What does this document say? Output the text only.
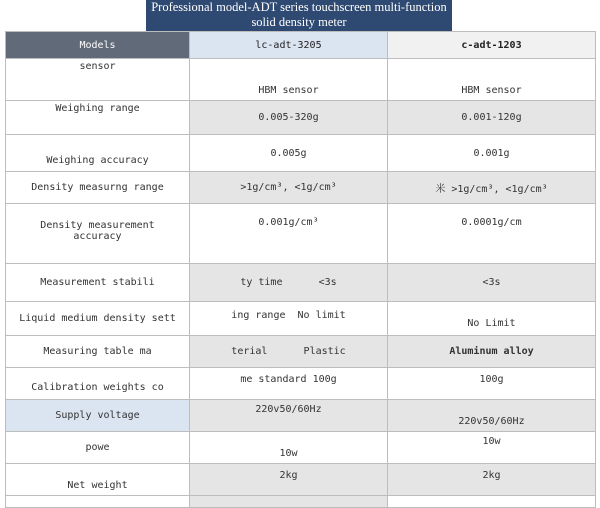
Professional model-ADT series touchscreen multi-function solid density meter
Models	lc-adt-3205	c-adt-1203
sensor	HBM sensor	HBM sensor
Weighing range	0.005-320g	0.001-120g
Weighing accuracy	0.005g	0.001g
Density measurng range	>1g/cm³, <1g/cm³	米 >1g/cm³, <1g/cm³
Density measurement accuracy	0.001g/cm³	0.0001g/cm
Measurement stabili	ty time      <3s	<3s
Liquid medium density sett	ing range  No limit	No Limit
Measuring table ma	terial      Plastic	Aluminum alloy
Calibration weights co	me standard 100g	100g
Supply voltage	220v50/60Hz	220v50/60Hz
powe	10w	10w
Net weight	2kg	2kg
